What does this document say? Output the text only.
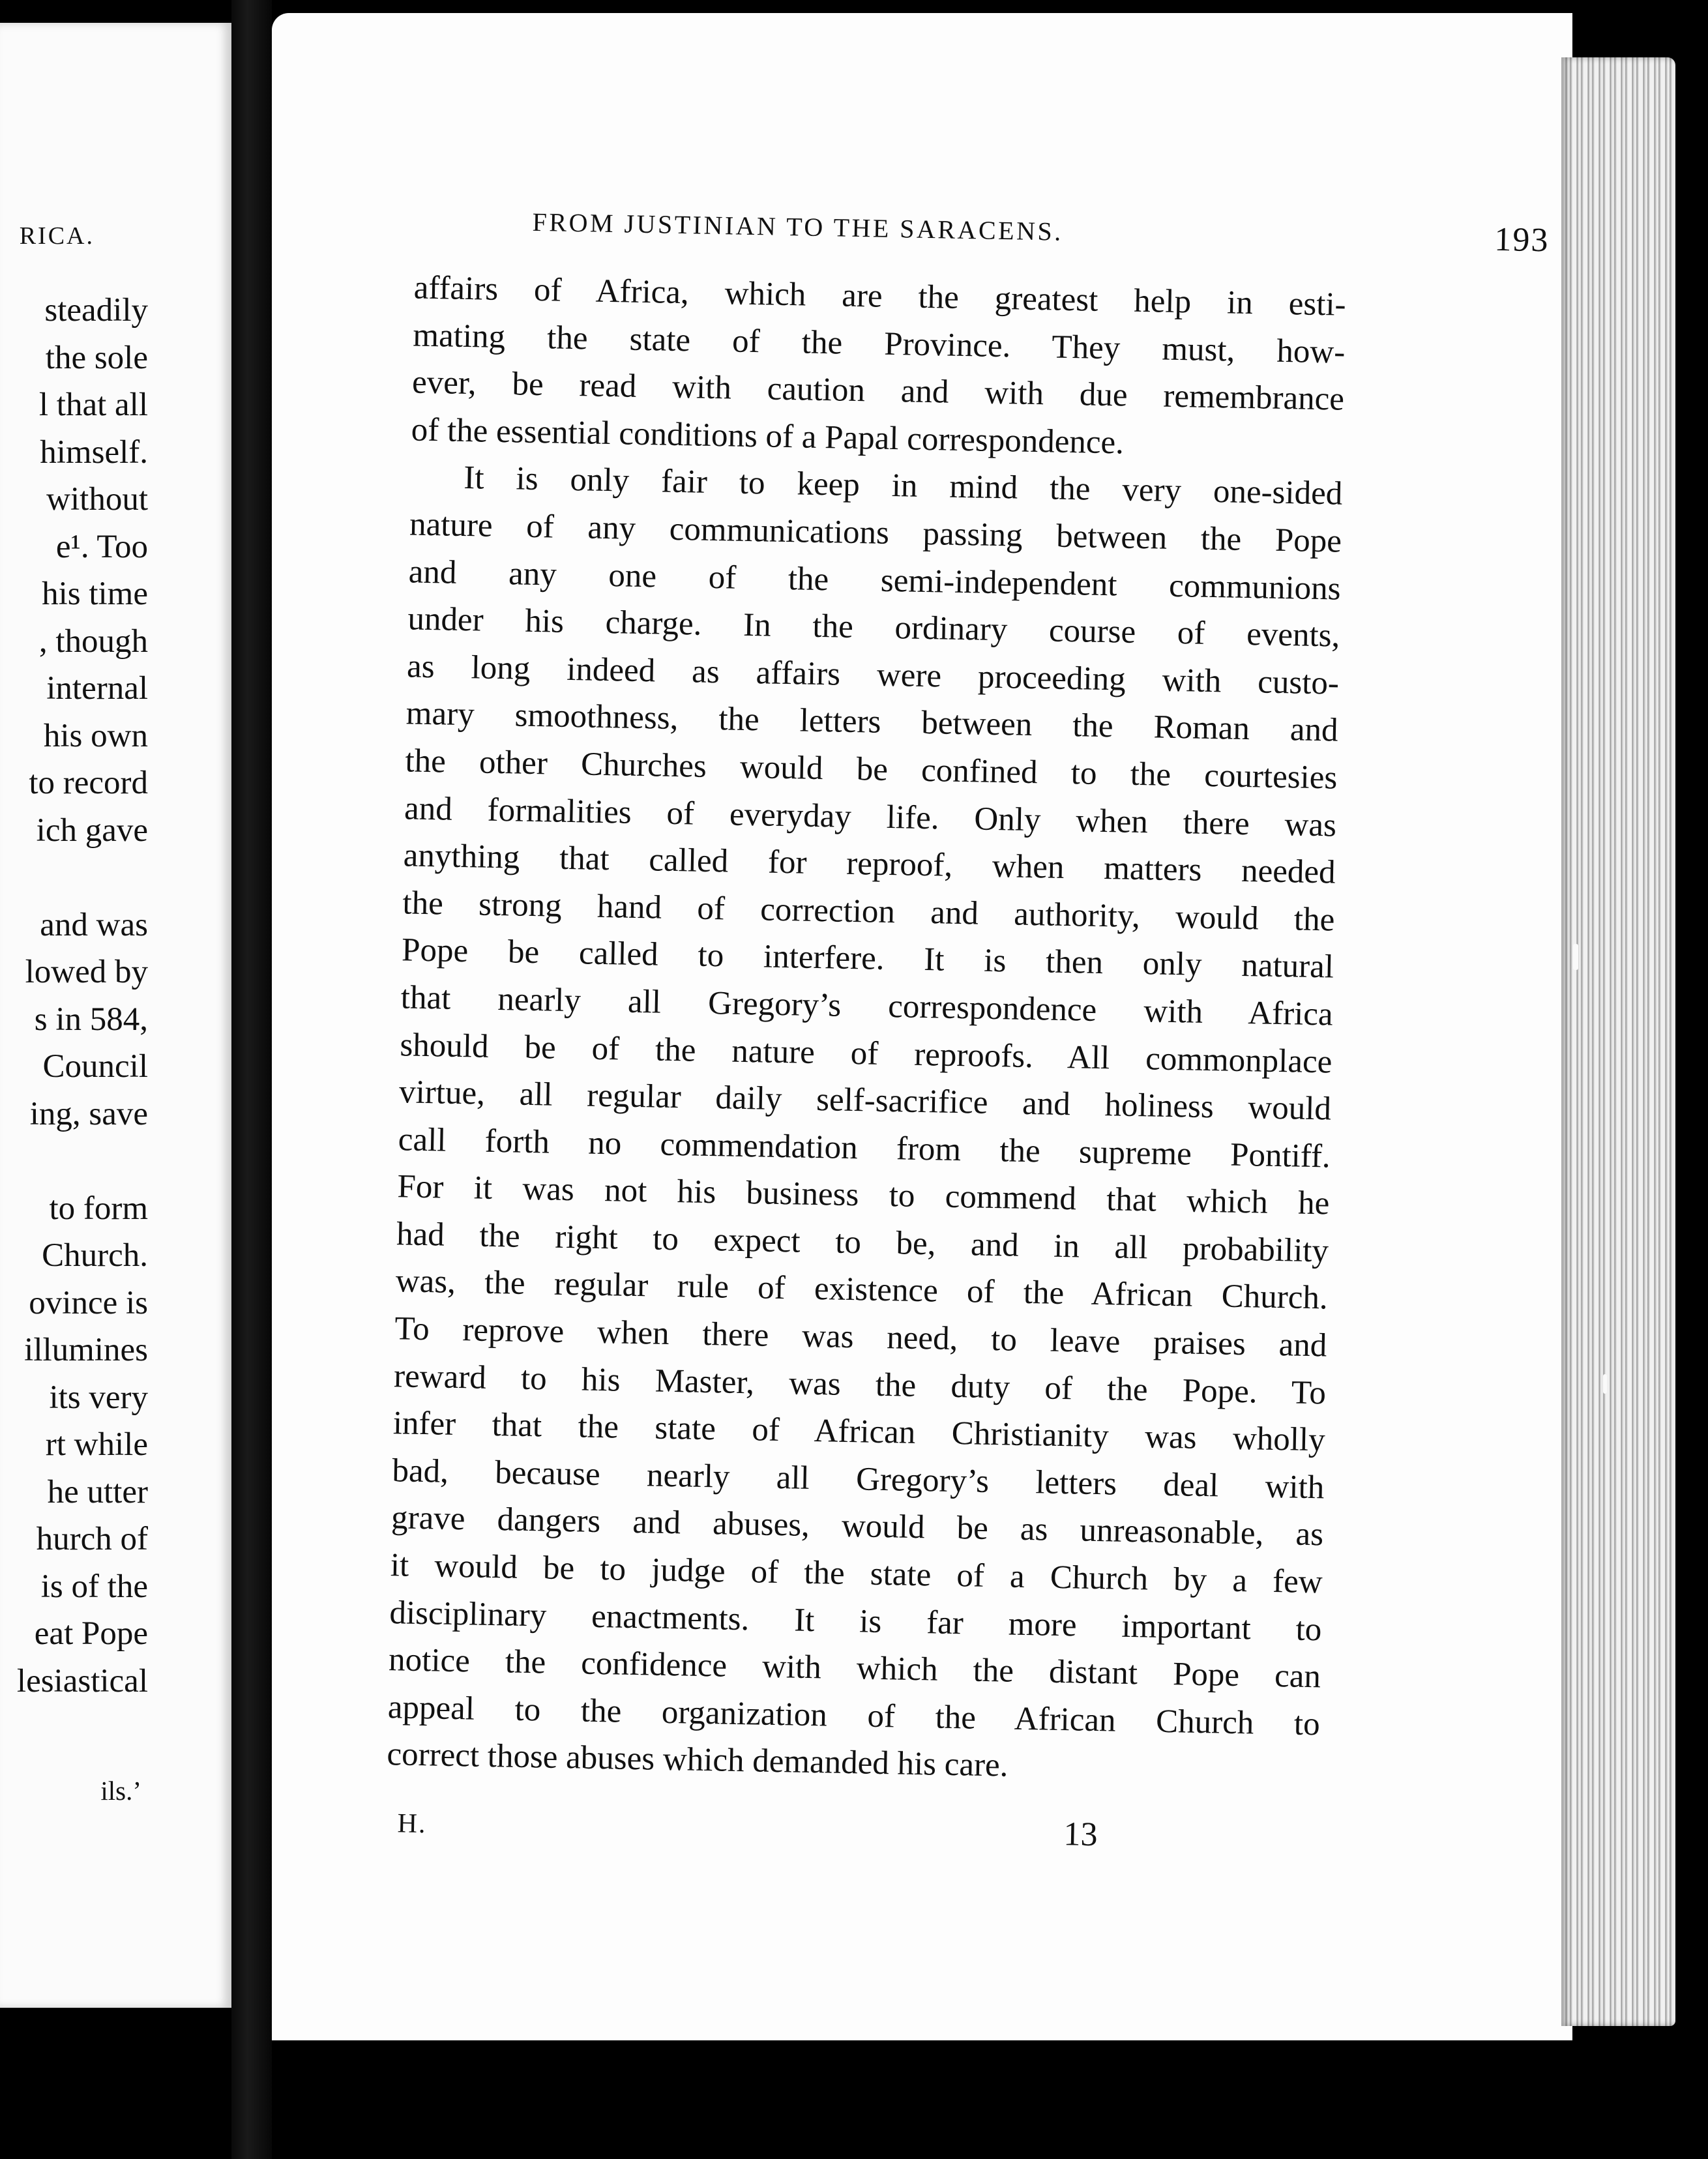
RICA.
steadily
the sole
l that all
himself.
without
e¹. Too
his time
, though
internal
his own
to record
ich gave
and was
lowed by
s in 584,
Council
ing, save
to form
Church.
ovince is
illumines
its very
rt while
he utter
hurch of
is of the
eat Pope
lesiastical
ils.’
FROM JUSTINIAN TO THE SARACENS.	193
affairs of Africa, which are the greatest help in esti-
mating the state of the Province. They must, how-
ever, be read with caution and with due remembrance
of the essential conditions of a Papal correspondence.
It is only fair to keep in mind the very one-sided
nature of any communications passing between the Pope
and any one of the semi-independent communions
under his charge. In the ordinary course of events,
as long indeed as affairs were proceeding with custo-
mary smoothness, the letters between the Roman and
the other Churches would be confined to the courtesies
and formalities of everyday life. Only when there was
anything that called for reproof, when matters needed
the strong hand of correction and authority, would the
Pope be called to interfere. It is then only natural
that nearly all Gregory’s correspondence with Africa
should be of the nature of reproofs. All commonplace
virtue, all regular daily self-sacrifice and holiness would
call forth no commendation from the supreme Pontiff.
For it was not his business to commend that which he
had the right to expect to be, and in all probability
was, the regular rule of existence of the African Church.
To reprove when there was need, to leave praises and
reward to his Master, was the duty of the Pope. To
infer that the state of African Christianity was wholly
bad, because nearly all Gregory’s letters deal with
grave dangers and abuses, would be as unreasonable, as
it would be to judge of the state of a Church by a few
disciplinary enactments. It is far more important to
notice the confidence with which the distant Pope can
appeal to the organization of the African Church to
correct those abuses which demanded his care.
H.	13
